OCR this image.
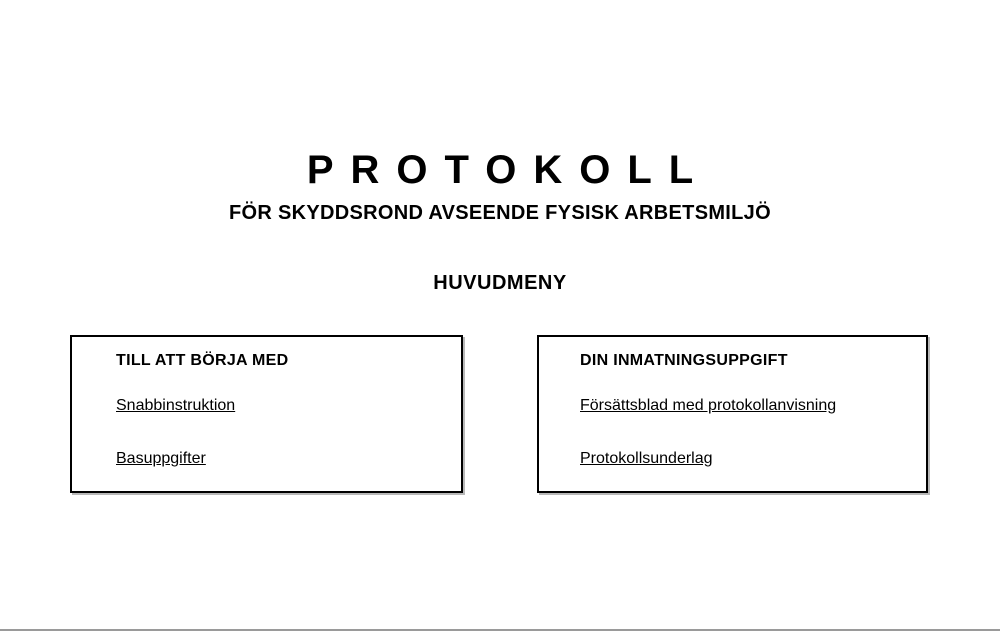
PROTOKOLL
FÖR SKYDDSROND AVSEENDE FYSISK ARBETSMILJÖ
HUVUDMENY
TILL ATT BÖRJA MED
Snabbinstruktion
Basuppgifter
DIN INMATNINGSUPPGIFT
Försättsblad med protokollanvisning
Protokollsunderlag
